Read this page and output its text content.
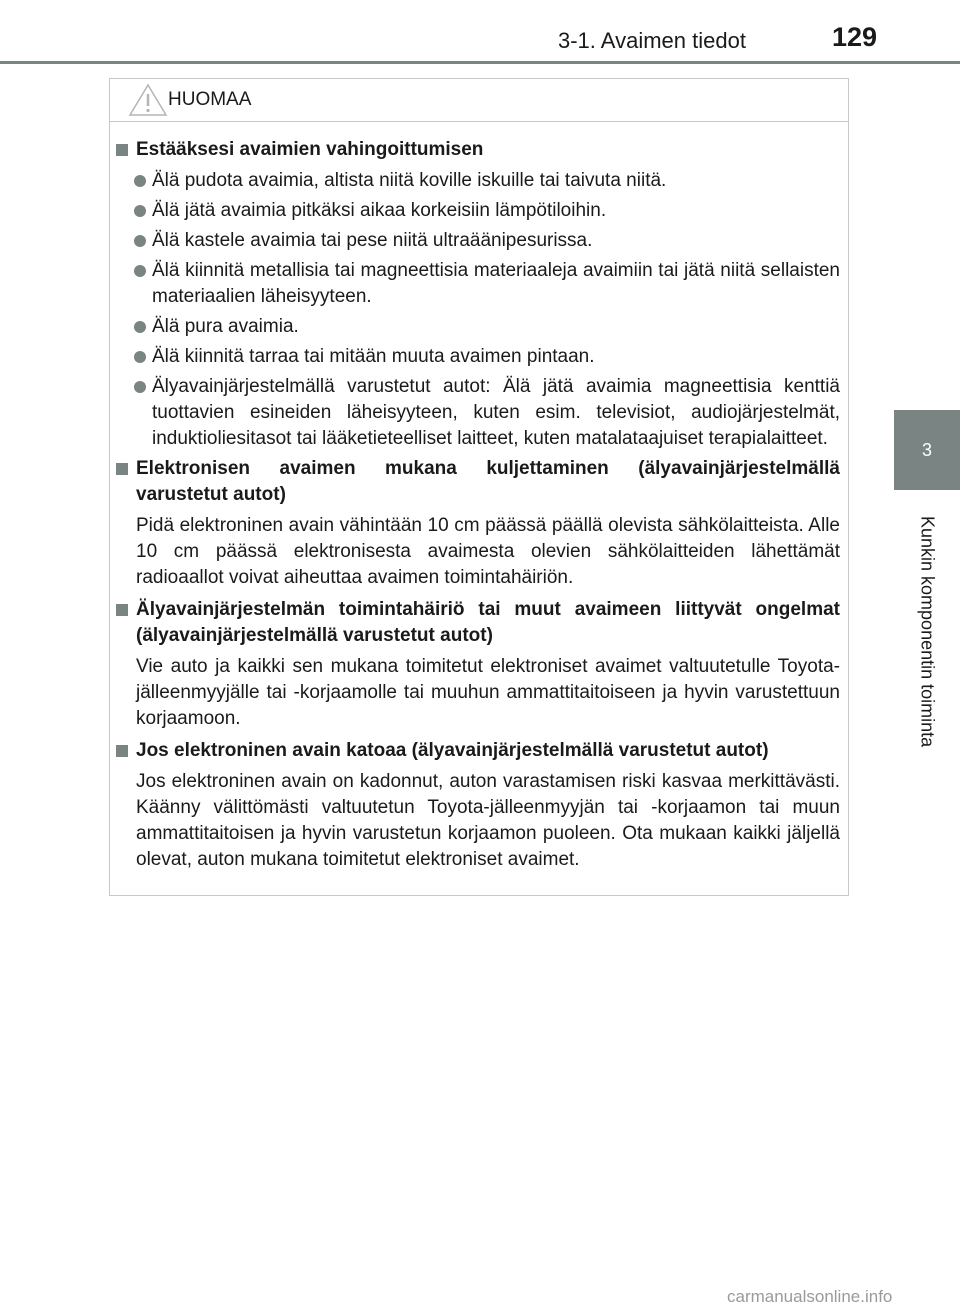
3-1. Avaimen tiedot	129
3
Kunkin komponentin toiminta
HUOMAA
Estääksesi avaimien vahingoittumisen
Älä pudota avaimia, altista niitä koville iskuille tai taivuta niitä.
Älä jätä avaimia pitkäksi aikaa korkeisiin lämpötiloihin.
Älä kastele avaimia tai pese niitä ultraäänipesurissa.
Älä kiinnitä metallisia tai magneettisia materiaaleja avaimiin tai jätä niitä sellaisten materiaalien läheisyyteen.
Älä pura avaimia.
Älä kiinnitä tarraa tai mitään muuta avaimen pintaan.
Älyavainjärjestelmällä varustetut autot: Älä jätä avaimia magneettisia kenttiä tuottavien esineiden läheisyyteen, kuten esim. televisiot, audiojärjestelmät, induktioliesitasot tai lääketieteelliset laitteet, kuten matalataajuiset terapialaitteet.
Elektronisen avaimen mukana kuljettaminen (älyavainjärjestelmällä varustetut autot)
Pidä elektroninen avain vähintään 10 cm päässä päällä olevista sähkölaitteista. Alle 10 cm päässä elektronisesta avaimesta olevien sähkölaitteiden lähettämät radioaallot voivat aiheuttaa avaimen toimintahäiriön.
Älyavainjärjestelmän toimintahäiriö tai muut avaimeen liittyvät ongelmat (älyavainjärjestelmällä varustetut autot)
Vie auto ja kaikki sen mukana toimitetut elektroniset avaimet valtuutetulle Toyota-jälleenmyyjälle tai -korjaamolle tai muuhun ammattitaitoiseen ja hyvin varustettuun korjaamoon.
Jos elektroninen avain katoaa (älyavainjärjestelmällä varustetut autot)
Jos elektroninen avain on kadonnut, auton varastamisen riski kasvaa merkittävästi. Käänny välittömästi valtuutetun Toyota-jälleenmyyjän tai -korjaamon tai muun ammattitaitoisen ja hyvin varustetun korjaamon puoleen. Ota mukaan kaikki jäljellä olevat, auton mukana toimitetut elektroniset avaimet.
carmanualsonline.info
